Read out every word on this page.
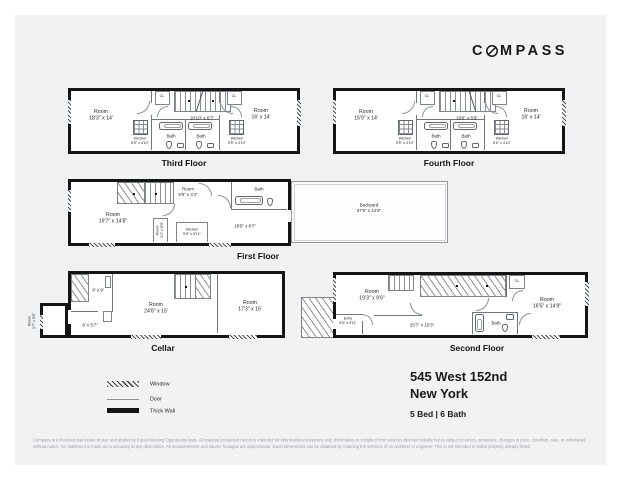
C MPASS
Room
18'3" x 14'	18'10" x 6'7"
Room
16' x 14'
CL	CL
Kitchen
5'5" x 4'10"
Kitchen
5'5" x 4'10"
Bath Bath
Third Floor
Room
15'9" x 14'	18'6" x 6'9"
Room
16' x 14'
CL	CL
Kitchen
5'5" x 4'10"
Kitchen
5'5" x 4'10"
Bath Bath
Fourth Floor
Room
9'9" x 4'4"
Bath
Room
19'7" x 14'8"
Room 3'4" x 5'9"	Kitchen
9'5" x 5'11"
18'5" x 8'7"
Backyard
37'6" x 14'8"
First Floor
8' x 9'
8' x 5'7"
Room
24'8" x 15'
Room
17'3" x 15'
Room 1'7" x 5'8"
Cellar
Entry
5'5" x 4'11"
Room
19'3" x 9'6"
CL
Bath
25'7" x 10'3"
Room
16'5" x 14'9"
Second Floor
Window
Door
Thick Wall
545 West 152nd
New York
5 Bed | 6 Bath
Compass is a licensed real estate broker and abides by Equal Housing Opportunity laws. All material presented herein is intended for informational purposes only. Information is compiled from sources deemed reliable but is subject to errors, omissions, changes in price, condition, sale, or withdrawal without notice. No statement is made as to accuracy of any description. All measurements and square footages are approximate. Exact dimensions can be obtained by retaining the services of an architect or engineer. This is not intended to solicit property already listed.
